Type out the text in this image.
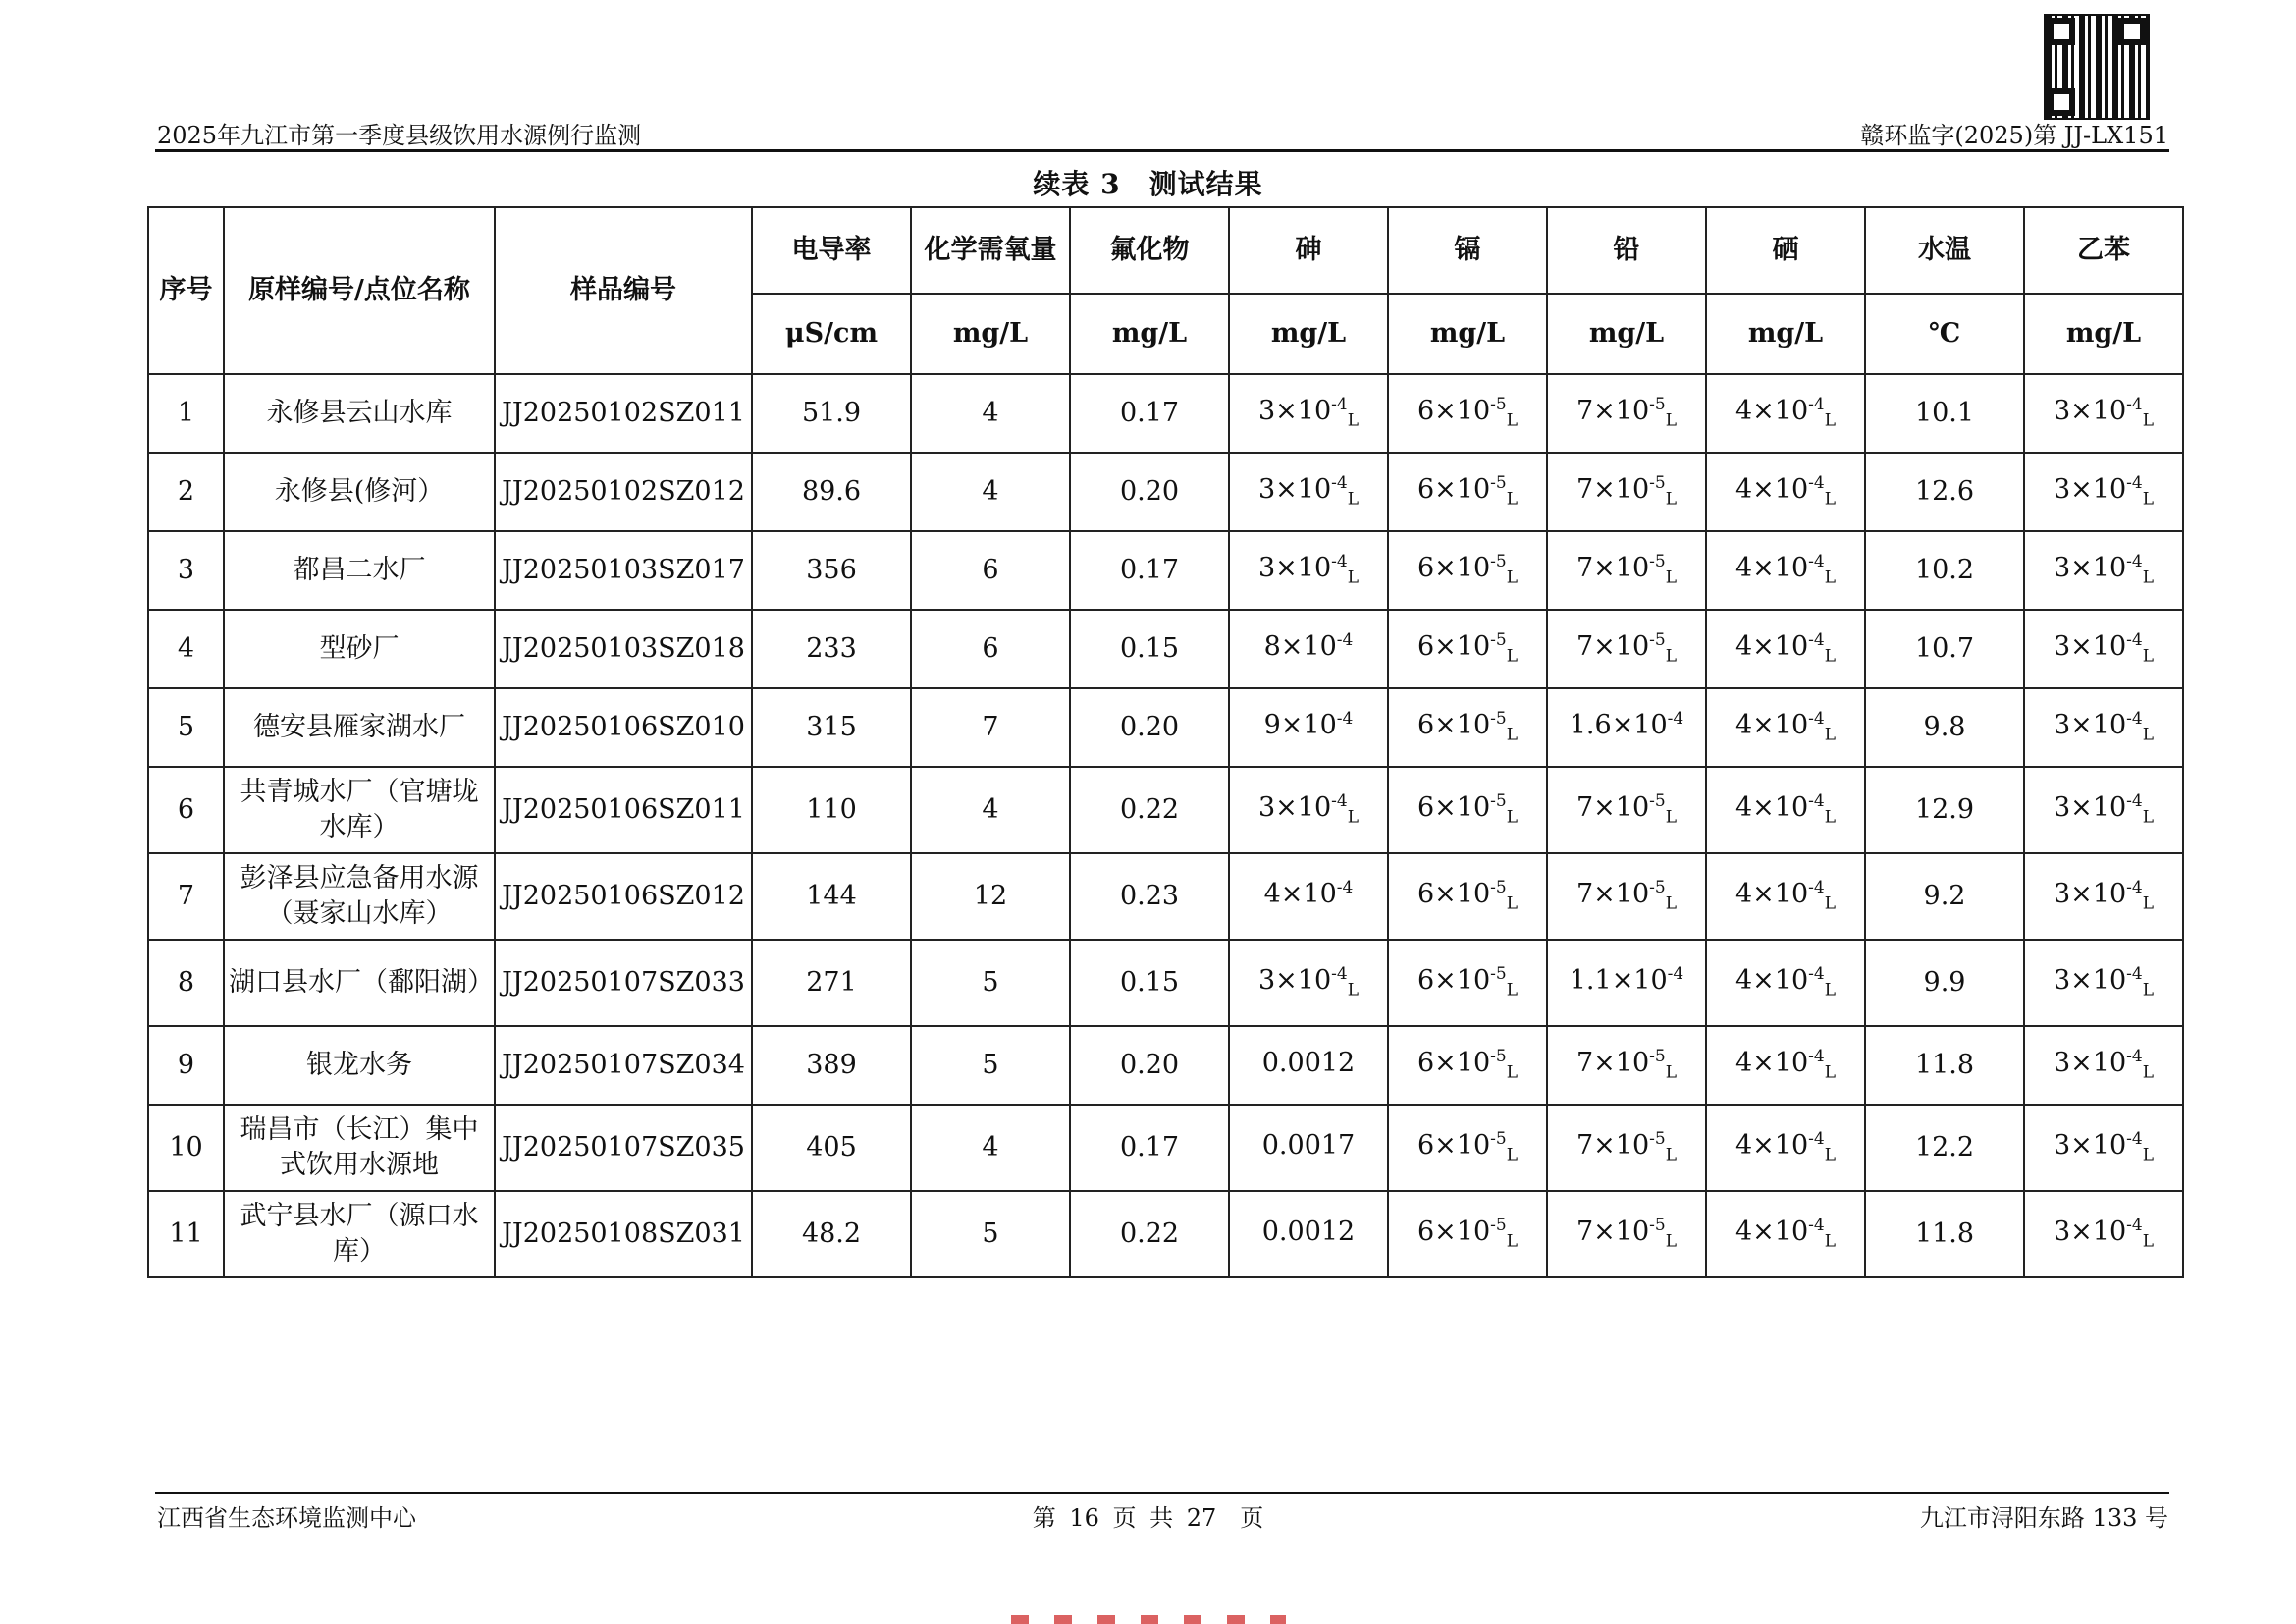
2025年九江市第一季度县级饮用水源例行监测	赣环监字(2025)第 JJ-LX151
续表 3　测试结果
序号	原样编号/点位名称	样品编号	电导率	化学需氧量	氟化物	砷	镉	铅	硒	水温	乙苯
			μS/cm	mg/L	mg/L	mg/L	mg/L	mg/L	mg/L	℃	mg/L
1	永修县云山水库	JJ20250102SZ011	51.9	4	0.17	$3\times 10^{-4}_L$	$6\times 10^{-5}_L$	$7\times 10^{-5}_L$	$4\times 10^{-4}_L$	10.1	$3\times 10^{-4}_L$
2	永修县(修河）	JJ20250102SZ012	89.6	4	0.20	$3\times 10^{-4}_L$	$6\times 10^{-5}_L$	$7\times 10^{-5}_L$	$4\times 10^{-4}_L$	12.6	$3\times 10^{-4}_L$
3	都昌二水厂	JJ20250103SZ017	356	6	0.17	$3\times 10^{-4}_L$	$6\times 10^{-5}_L$	$7\times 10^{-5}_L$	$4\times 10^{-4}_L$	10.2	$3\times 10^{-4}_L$
4	型砂厂	JJ20250103SZ018	233	6	0.15	$8\times 10^{-4}$	$6\times 10^{-5}_L$	$7\times 10^{-5}_L$	$4\times 10^{-4}_L$	10.7	$3\times 10^{-4}_L$
5	德安县雁家湖水厂	JJ20250106SZ010	315	7	0.20	$9\times 10^{-4}$	$6\times 10^{-5}_L$	$1.6\times 10^{-4}$	$4\times 10^{-4}_L$	9.8	$3\times 10^{-4}_L$
6	共青城水厂（官塘垅水库）	JJ20250106SZ011	110	4	0.22	$3\times 10^{-4}_L$	$6\times 10^{-5}_L$	$7\times 10^{-5}_L$	$4\times 10^{-4}_L$	12.9	$3\times 10^{-4}_L$
7	彭泽县应急备用水源（聂家山水库）	JJ20250106SZ012	144	12	0.23	$4\times 10^{-4}$	$6\times 10^{-5}_L$	$7\times 10^{-5}_L$	$4\times 10^{-4}_L$	9.2	$3\times 10^{-4}_L$
8	湖口县水厂（鄱阳湖）	JJ20250107SZ033	271	5	0.15	$3\times 10^{-4}_L$	$6\times 10^{-5}_L$	$1.1\times 10^{-4}$	$4\times 10^{-4}_L$	9.9	$3\times 10^{-4}_L$
9	银龙水务	JJ20250107SZ034	389	5	0.20	0.0012	$6\times 10^{-5}_L$	$7\times 10^{-5}_L$	$4\times 10^{-4}_L$	11.8	$3\times 10^{-4}_L$
10	瑞昌市（长江）集中式饮用水源地	JJ20250107SZ035	405	4	0.17	0.0017	$6\times 10^{-5}_L$	$7\times 10^{-5}_L$	$4\times 10^{-4}_L$	12.2	$3\times 10^{-4}_L$
11	武宁县水厂（源口水库）	JJ20250108SZ031	48.2	5	0.22	0.0012	$6\times 10^{-5}_L$	$7\times 10^{-5}_L$	$4\times 10^{-4}_L$	11.8	$3\times 10^{-4}_L$
江西省生态环境监测中心	第 16 页 共 27　页	九江市浔阳东路 133 号
